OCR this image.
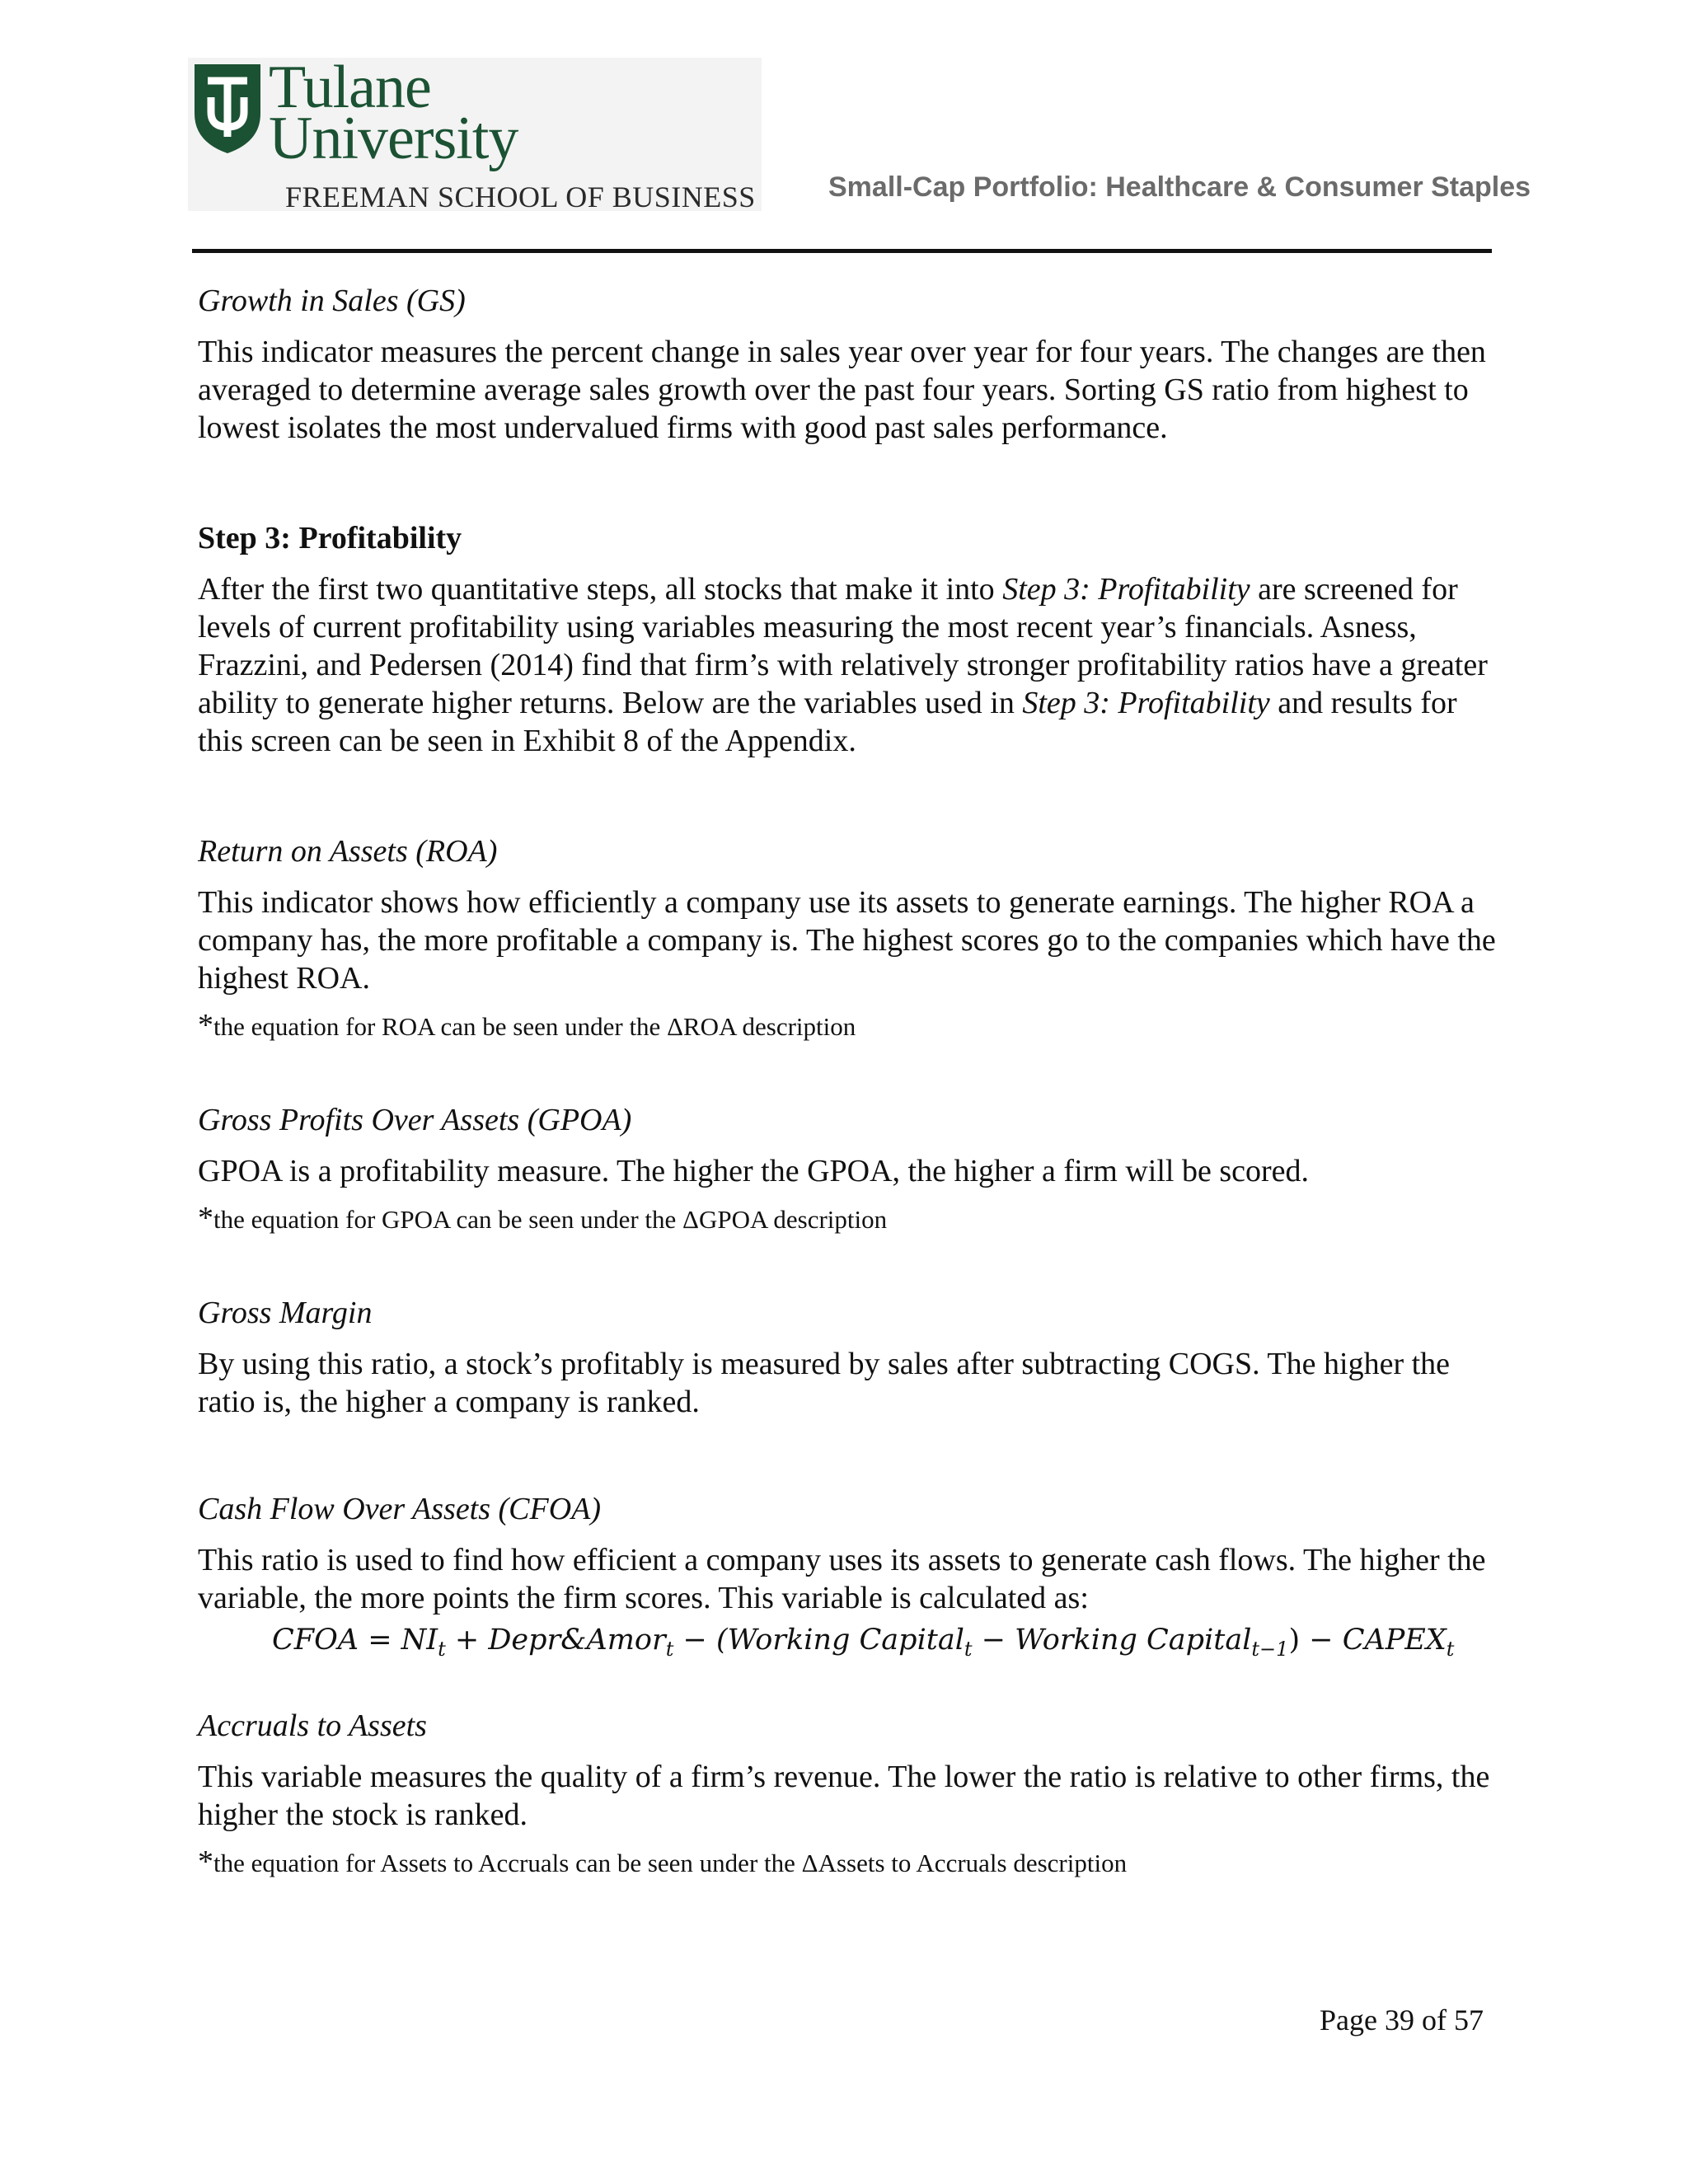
Tulane
University
FREEMAN SCHOOL OF BUSINESS	Small-Cap Portfolio: Healthcare & Consumer Staples
Growth in Sales (GS)

This indicator measures the percent change in sales year over year for four years. The changes are then averaged to determine average sales growth over the past four years. Sorting GS ratio from highest to lowest isolates the most undervalued firms with good past sales performance.

Step 3: Profitability

After the first two quantitative steps, all stocks that make it into Step 3: Profitability are screened for levels of current profitability using variables measuring the most recent year’s financials. Asness, Frazzini, and Pedersen (2014) find that firm’s with relatively stronger profitability ratios have a greater ability to generate higher returns. Below are the variables used in Step 3: Profitability and results for this screen can be seen in Exhibit 8 of the Appendix.

Return on Assets (ROA)

This indicator shows how efficiently a company use its assets to generate earnings. The higher ROA a company has, the more profitable a company is. The highest scores go to the companies which have the highest ROA.

*the equation for ROA can be seen under the ΔROA description

Gross Profits Over Assets (GPOA)

GPOA is a profitability measure. The higher the GPOA, the higher a firm will be scored.

*the equation for GPOA can be seen under the ΔGPOA description

Gross Margin

By using this ratio, a stock’s profitably is measured by sales after subtracting COGS. The higher the ratio is, the higher a company is ranked.

Cash Flow Over Assets (CFOA)

This ratio is used to find how efficient a company uses its assets to generate cash flows. The higher the variable, the more points the firm scores. This variable is calculated as:

CFOA = $NI_t$ + Depr&Amor$_t$ − (Working Capital$_t$ − Working Capital$_{t-1}$) − $CAPEX_t$
Accruals to Assets

This variable measures the quality of a firm’s revenue. The lower the ratio is relative to other firms, the higher the stock is ranked.

*the equation for Assets to Accruals can be seen under the ΔAssets to Accruals description

Page 39 of 57
